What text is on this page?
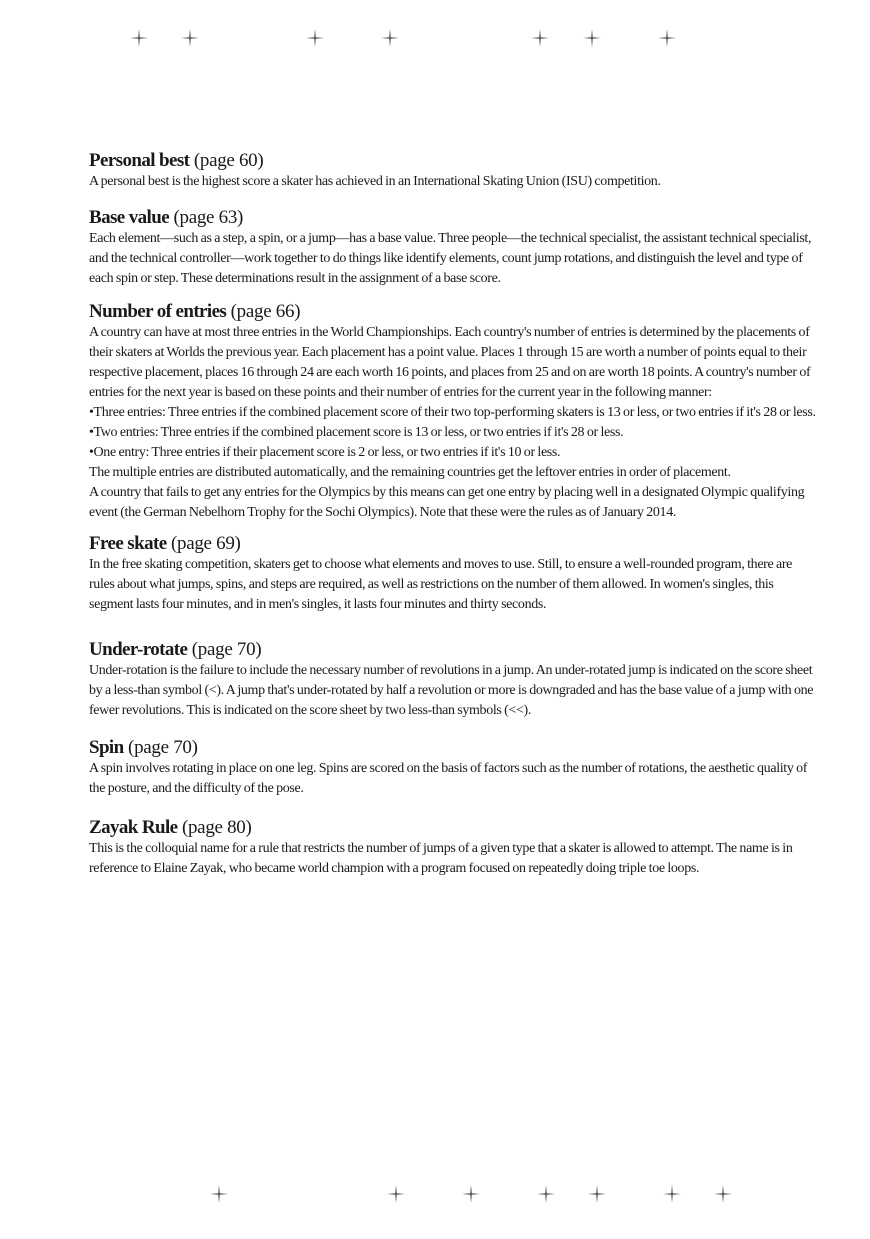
Personal best (page 60)

A personal best is the highest score a skater has achieved in an International Skating Union (ISU) competition.

Base value (page 63)

Each element—such as a step, a spin, or a jump—has a base value. Three people—the technical specialist, the assistant technical specialist, and the technical controller—work together to do things like identify elements, count jump rotations, and distinguish the level and type of each spin or step. These determinations result in the assignment of a base score.

Number of entries (page 66)

A country can have at most three entries in the World Championships. Each country's number of entries is determined by the placements of their skaters at Worlds the previous year. Each placement has a point value. Places 1 through 15 are worth a number of points equal to their respective placement, places 16 through 24 are each worth 16 points, and places from 25 and on are worth 18 points. A country's number of entries for the next year is based on these points and their number of entries for the current year in the following manner:

•Three entries: Three entries if the combined placement score of their two top-performing skaters is 13 or less, or two entries if it's 28 or less.

•Two entries: Three entries if the combined placement score is 13 or less, or two entries if it's 28 or less.

•One entry: Three entries if their placement score is 2 or less, or two entries if it's 10 or less.

The multiple entries are distributed automatically, and the remaining countries get the leftover entries in order of placement.

A country that fails to get any entries for the Olympics by this means can get one entry by placing well in a designated Olympic qualifying event (the German Nebelhorn Trophy for the Sochi Olympics). Note that these were the rules as of January 2014.

Free skate (page 69)

In the free skating competition, skaters get to choose what elements and moves to use. Still, to ensure a well-rounded program, there are rules about what jumps, spins, and steps are required, as well as restrictions on the number of them allowed. In women's singles, this segment lasts four minutes, and in men's singles, it lasts four minutes and thirty seconds.

Under-rotate (page 70)

Under-rotation is the failure to include the necessary number of revolutions in a jump. An under-rotated jump is indicated on the score sheet by a less-than symbol (<). A jump that's under-rotated by half a revolution or more is downgraded and has the base value of a jump with one fewer revolutions. This is indicated on the score sheet by two less-than symbols (<<).

Spin (page 70)

A spin involves rotating in place on one leg. Spins are scored on the basis of factors such as the number of rotations, the aesthetic quality of the posture, and the difficulty of the pose.

Zayak Rule (page 80)

This is the colloquial name for a rule that restricts the number of jumps of a given type that a skater is allowed to attempt. The name is in reference to Elaine Zayak, who became world champion with a program focused on repeatedly doing triple toe loops.
